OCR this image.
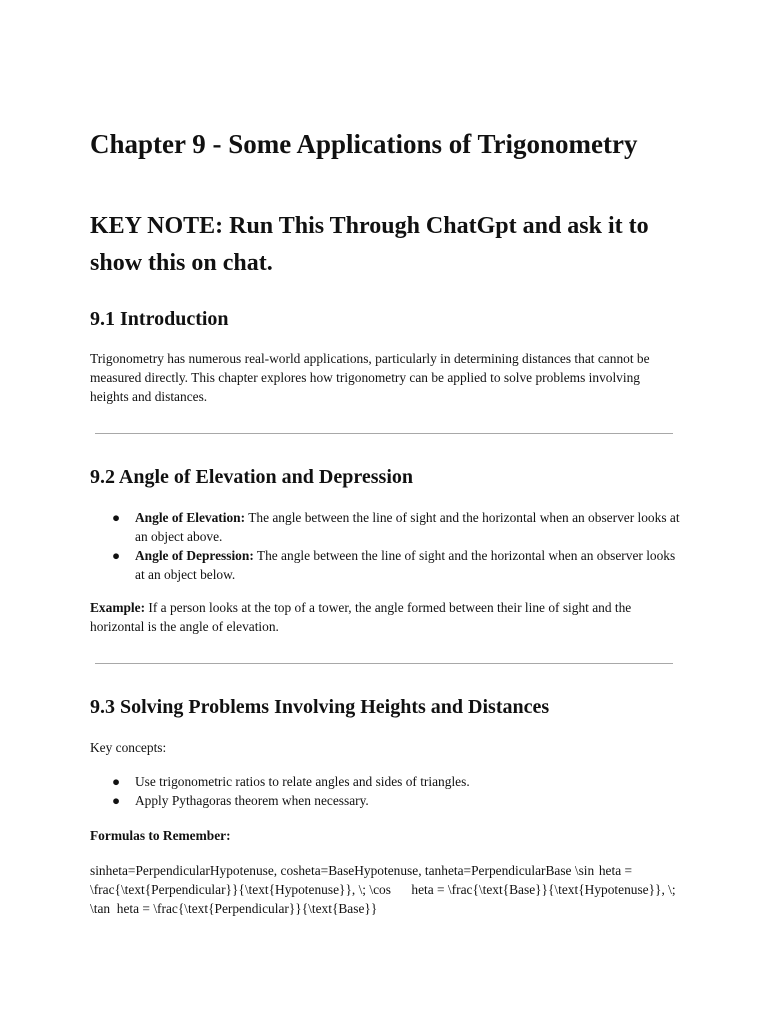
Chapter 9 - Some Applications of Trigonometry
KEY NOTE: Run This Through ChatGpt and ask it to show this on chat.
9.1 Introduction

Trigonometry has numerous real-world applications, particularly in determining distances that cannot be measured directly. This chapter explores how trigonometry can be applied to solve problems involving heights and distances.

9.2 Angle of Elevation and Depression
● Angle of Elevation: The angle between the line of sight and the horizontal when an observer looks at an object above.
● Angle of Depression: The angle between the line of sight and the horizontal when an observer looks at an object below.

Example: If a person looks at the top of a tower, the angle formed between their line of sight and the horizontal is the angle of elevation.

9.3 Solving Problems Involving Heights and Distances

Key concepts:

● Use trigonometric ratios to relate angles and sides of triangles.
● Apply Pythagoras theorem when necessary.

Formulas to Remember:

sinheta=PerpendicularHypotenuse, cosheta=BaseHypotenuse, tanheta=PerpendicularBase \sin	heta = \frac{\text{Perpendicular}}{\text{Hypotenuse}}, \; \cos	heta = \frac{\text{Base}}{\text{Hypotenuse}}, \; \tan	heta = \frac{\text{Perpendicular}}{\text{Base}}
